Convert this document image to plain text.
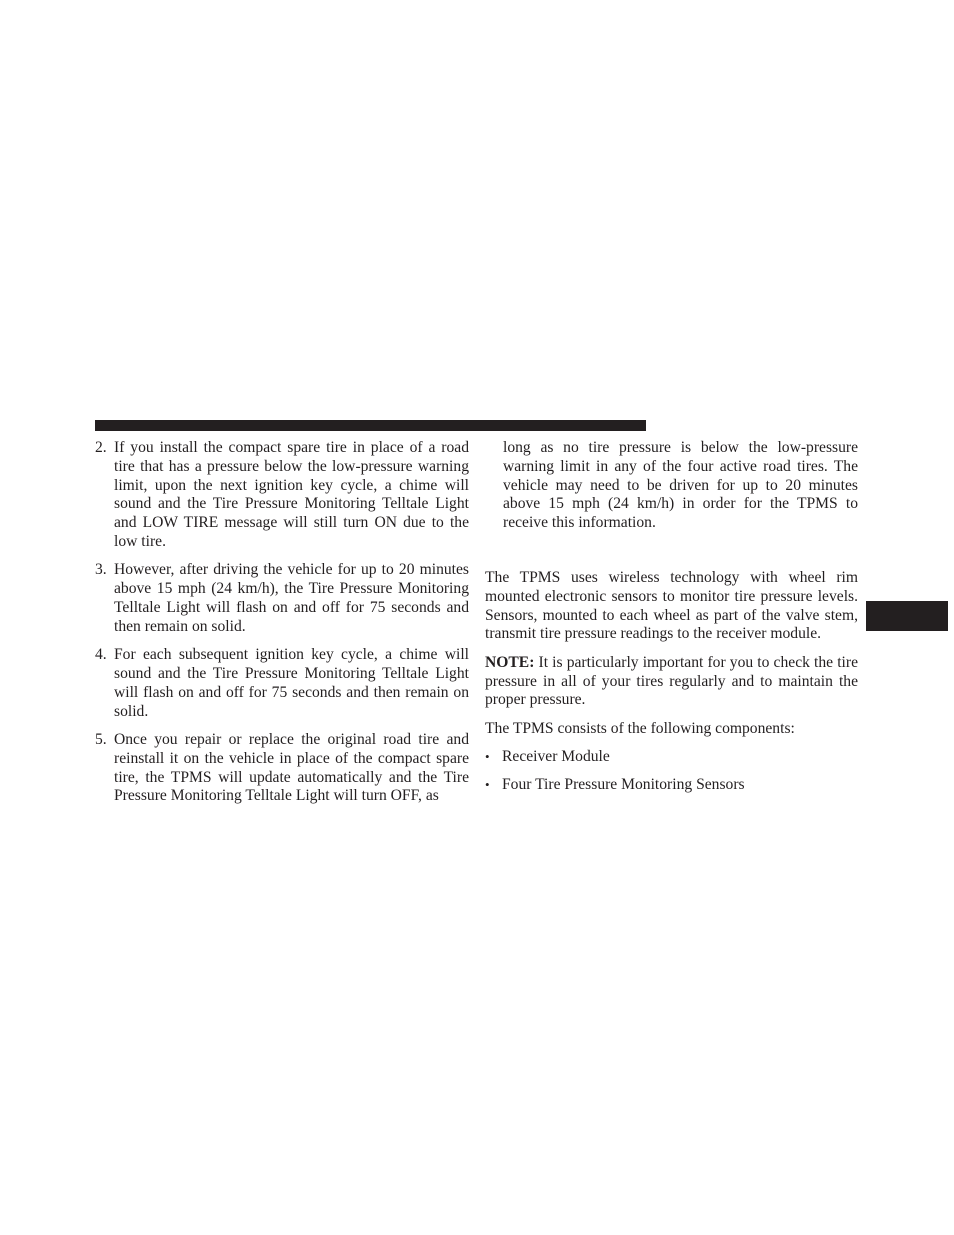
2. If you install the compact spare tire in place of a road tire that has a pressure below the low-pressure warning limit, upon the next ignition key cycle, a chime will sound and the Tire Pressure Monitoring Telltale Light and LOW TIRE message will still turn ON due to the low tire.

3. However, after driving the vehicle for up to 20 minutes above 15 mph (24 km/h), the Tire Pressure Monitoring Telltale Light will flash on and off for 75 seconds and then remain on solid.

4. For each subsequent ignition key cycle, a chime will sound and the Tire Pressure Monitoring Telltale Light will flash on and off for 75 seconds and then remain on solid.

5. Once you repair or replace the original road tire and reinstall it on the vehicle in place of the compact spare tire, the TPMS will update automatically and the Tire Pressure Monitoring Telltale Light will turn OFF, as

long as no tire pressure is below the low-pressure warning limit in any of the four active road tires. The vehicle may need to be driven for up to 20 minutes above 15 mph (24 km/h) in order for the TPMS to receive this information.

The TPMS uses wireless technology with wheel rim mounted electronic sensors to monitor tire pressure levels. Sensors, mounted to each wheel as part of the valve stem, transmit tire pressure readings to the receiver module.

NOTE: It is particularly important for you to check the tire pressure in all of your tires regularly and to maintain the proper pressure.

The TPMS consists of the following components:

• Receiver Module
• Four Tire Pressure Monitoring Sensors
